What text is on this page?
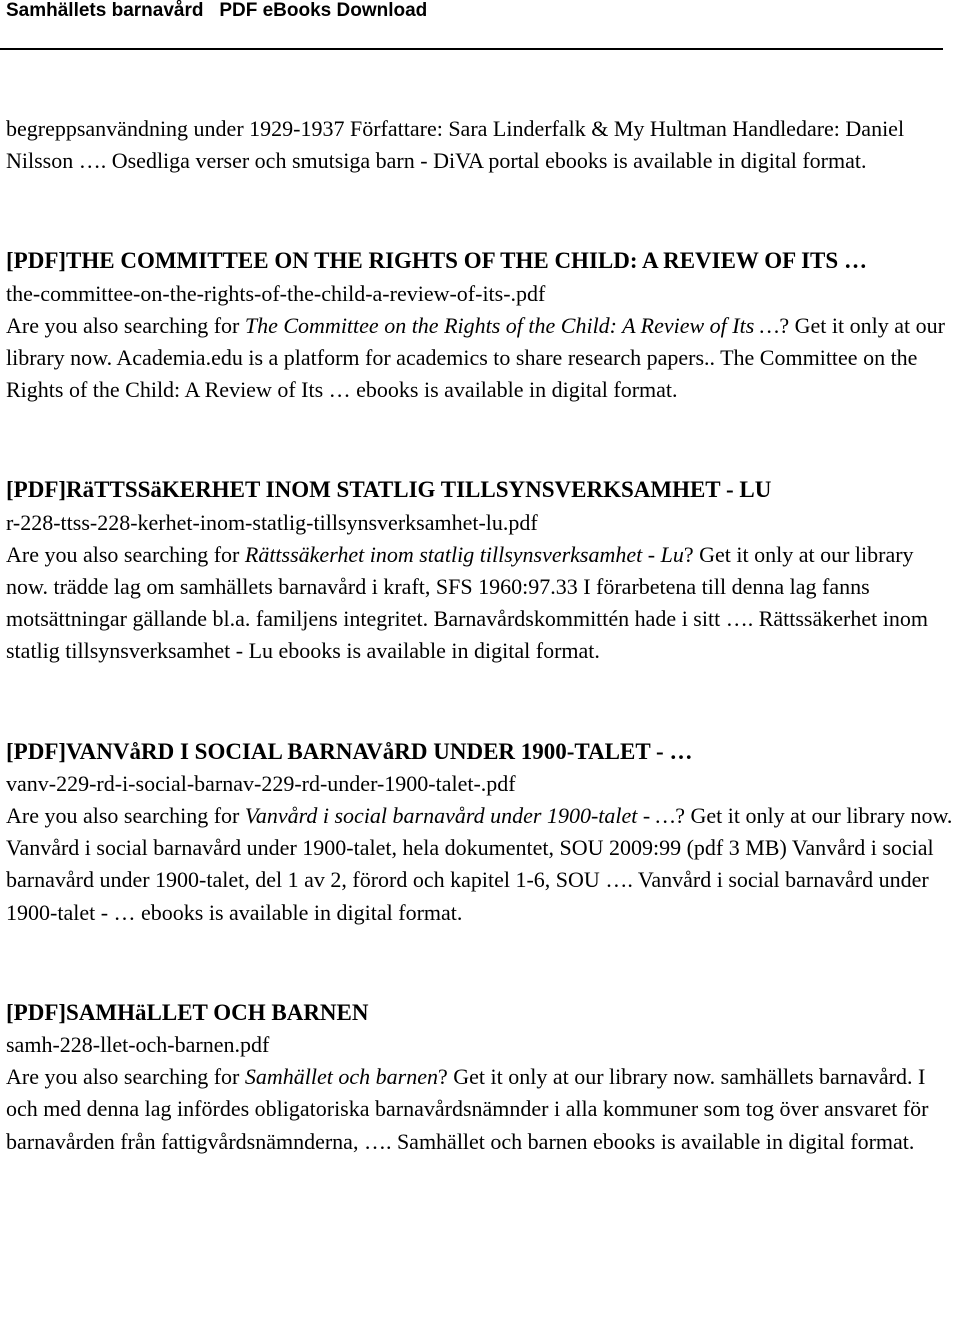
Samhällets barnavård   PDF eBooks Download

begreppsanvändning under 1929-1937 Författare: Sara Linderfalk & My Hultman Handledare: Daniel Nilsson …. Osedliga verser och smutsiga barn - DiVA portal ebooks is available in digital format.

[PDF]THE COMMITTEE ON THE RIGHTS OF THE CHILD: A REVIEW OF ITS …

the-committee-on-the-rights-of-the-child-a-review-of-its-.pdf

Are you also searching for The Committee on the Rights of the Child: A Review of Its …? Get it only at our library now. Academia.edu is a platform for academics to share research papers.. The Committee on the Rights of the Child: A Review of Its … ebooks is available in digital format.

[PDF]RäTTSSäKERHET INOM STATLIG TILLSYNSVERKSAMHET - LU

r-228-ttss-228-kerhet-inom-statlig-tillsynsverksamhet-lu.pdf

Are you also searching for Rättssäkerhet inom statlig tillsynsverksamhet - Lu? Get it only at our library now. trädde lag om samhällets barnavård i kraft, SFS 1960:97.33 I förarbetena till denna lag fanns motsättningar gällande bl.a. familjens integritet. Barnavårdskommittén hade i sitt …. Rättssäkerhet inom statlig tillsynsverksamhet - Lu ebooks is available in digital format.

[PDF]VANVåRD I SOCIAL BARNAVåRD UNDER 1900-TALET - …

vanv-229-rd-i-social-barnav-229-rd-under-1900-talet-.pdf

Are you also searching for Vanvård i social barnavård under 1900-talet - …? Get it only at our library now. Vanvård i social barnavård under 1900-talet, hela dokumentet, SOU 2009:99 (pdf 3 MB) Vanvård i social barnavård under 1900-talet, del 1 av 2, förord och kapitel 1-6, SOU …. Vanvård i social barnavård under 1900-talet - … ebooks is available in digital format.

[PDF]SAMHäLLET OCH BARNEN

samh-228-llet-och-barnen.pdf

Are you also searching for Samhället och barnen? Get it only at our library now. samhällets barnavård. I och med denna lag infördes obligatoriska barnavårdsnämnder i alla kommuner som tog över ansvaret för barnavården från fattigvårdsnämnderna, …. Samhället och barnen ebooks is available in digital format.
